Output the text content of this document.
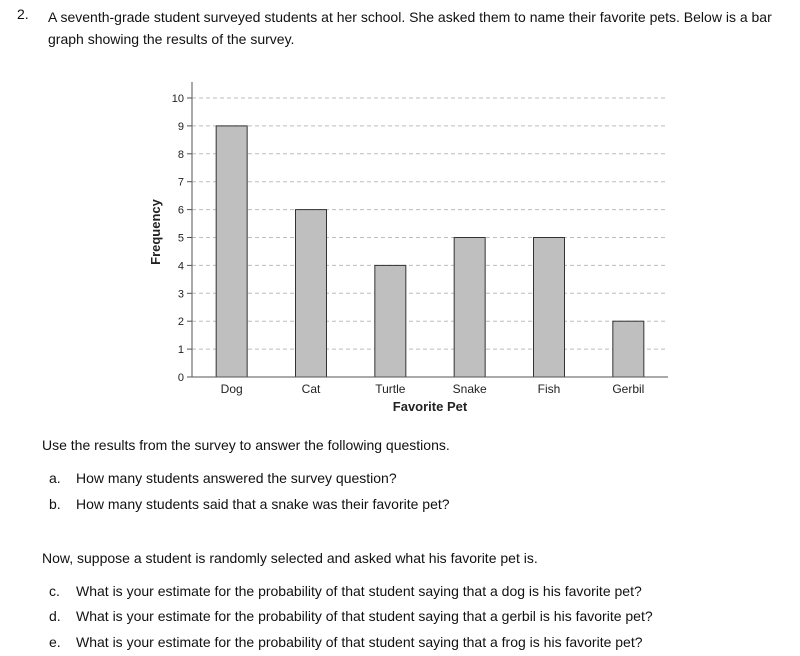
2. A seventh-grade student surveyed students at her school. She asked them to name their favorite pets. Below is a bar graph showing the results of the survey.
0
1
2
3
4
5
6
7
8
9
10
Dog	Cat	Turtle	Snake	Fish	Gerbil
Favorite Pet
Frequency
Use the results from the survey to answer the following questions.
a. How many students answered the survey question?
b. How many students said that a snake was their favorite pet?
Now, suppose a student is randomly selected and asked what his favorite pet is.
c. What is your estimate for the probability of that student saying that a dog is his favorite pet?
d. What is your estimate for the probability of that student saying that a gerbil is his favorite pet?
e. What is your estimate for the probability of that student saying that a frog is his favorite pet?
